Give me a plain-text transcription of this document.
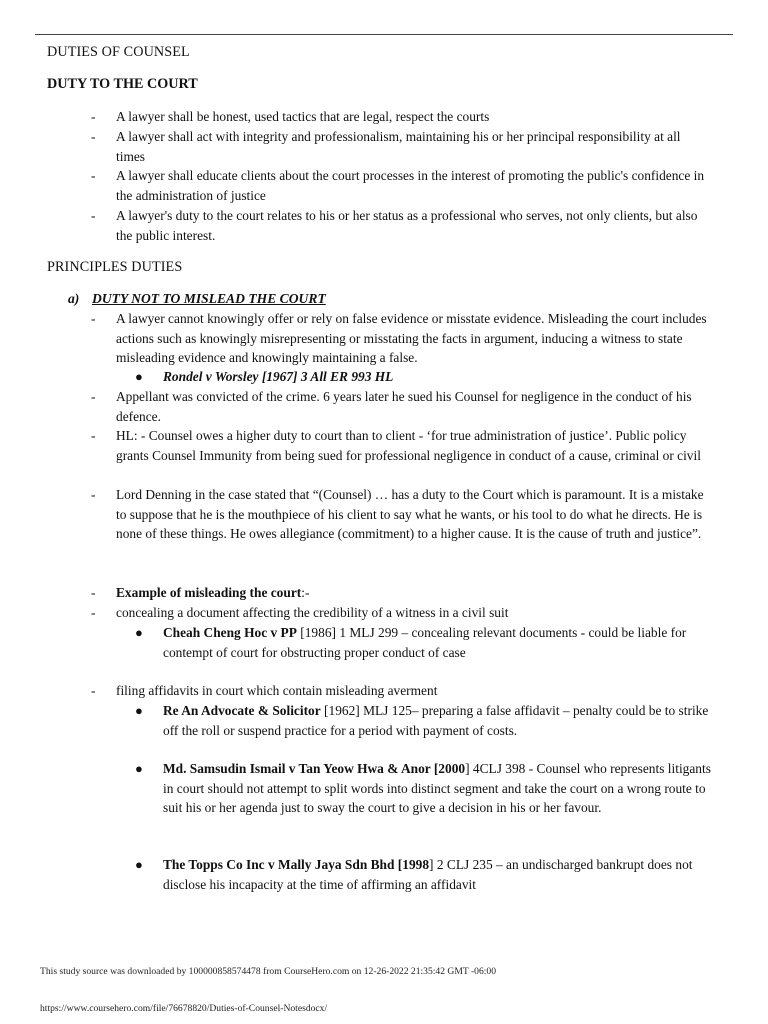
DUTIES OF COUNSEL
DUTY TO THE COURT
- A lawyer shall be honest, used tactics that are legal, respect the courts
- A lawyer shall act with integrity and professionalism, maintaining his or her principal responsibility at all times
- A lawyer shall educate clients about the court processes in the interest of promoting the public's confidence in the administration of justice
- A lawyer's duty to the court relates to his or her status as a professional who serves, not only clients, but also the public interest.
PRINCIPLES DUTIES
a) DUTY NOT TO MISLEAD THE COURT
- A lawyer cannot knowingly offer or rely on false evidence or misstate evidence. Misleading the court includes actions such as knowingly misrepresenting or misstating the facts in argument, inducing a witness to state misleading evidence and knowingly maintaining a false.
● Rondel v Worsley [1967] 3 All ER 993 HL
- Appellant was convicted of the crime. 6 years later he sued his Counsel for negligence in the conduct of his defence.
- HL: - Counsel owes a higher duty to court than to client - ‘for true administration of justice’. Public policy grants Counsel Immunity from being sued for professional negligence in conduct of a cause, criminal or civil
- Lord Denning in the case stated that “(Counsel) … has a duty to the Court which is paramount. It is a mistake to suppose that he is the mouthpiece of his client to say what he wants, or his tool to do what he directs. He is none of these things. He owes allegiance (commitment) to a higher cause. It is the cause of truth and justice”.
- Example of misleading the court:-
- concealing a document affecting the credibility of a witness in a civil suit
● Cheah Cheng Hoc v PP [1986] 1 MLJ 299 – concealing relevant documents - could be liable for contempt of court for obstructing proper conduct of case
- filing affidavits in court which contain misleading averment
● Re An Advocate & Solicitor [1962] MLJ 125– preparing a false affidavit – penalty could be to strike off the roll or suspend practice for a period with payment of costs.
● Md. Samsudin Ismail v Tan Yeow Hwa & Anor [2000] 4CLJ 398 - Counsel who represents litigants in court should not attempt to split words into distinct segment and take the court on a wrong route to suit his or her agenda just to sway the court to give a decision in his or her favour.
● The Topps Co Inc v Mally Jaya Sdn Bhd [1998] 2 CLJ 235 – an undischarged bankrupt does not disclose his incapacity at the time of affirming an affidavit
This study source was downloaded by 100000858574478 from CourseHero.com on 12-26-2022 21:35:42 GMT -06:00
https://www.coursehero.com/file/76678820/Duties-of-Counsel-Notesdocx/
